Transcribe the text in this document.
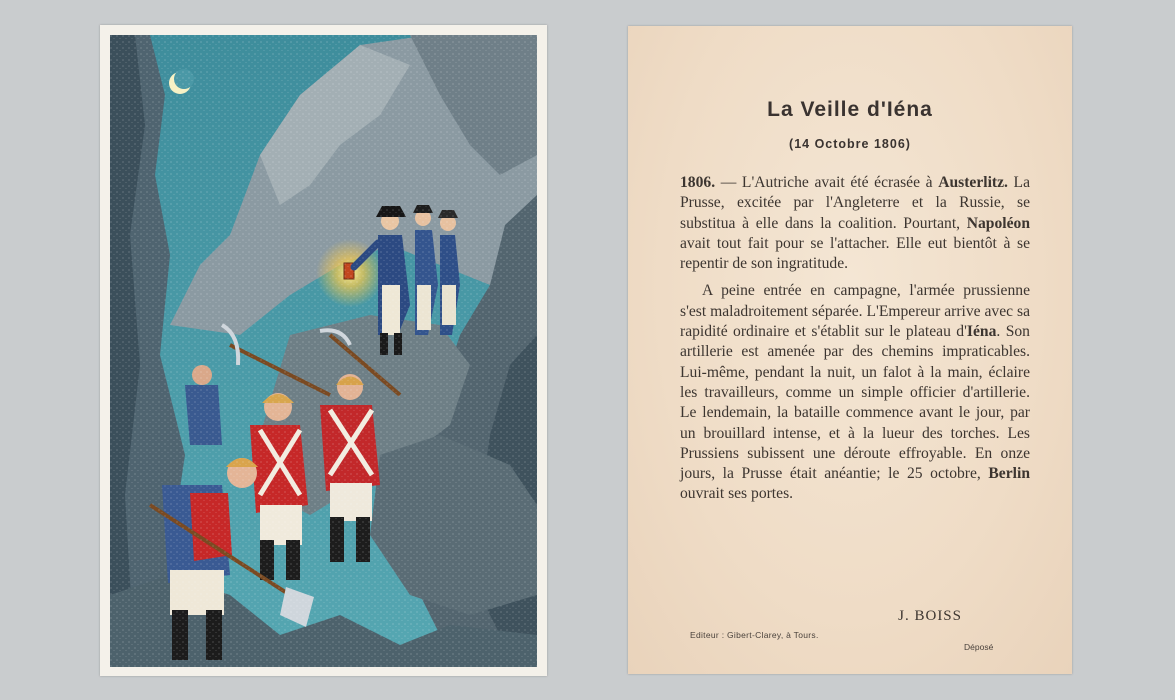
La Veille d'Iéna
(14 Octobre 1806)

1806. — L'Autriche avait été écrasée à Austerlitz. La Prusse, excitée par l'Angleterre et la Russie, se substitua à elle dans la coalition. Pourtant, Napoléon avait tout fait pour se l'attacher. Elle eut bientôt à se repentir de son ingratitude.

A peine entrée en campagne, l'armée prussienne s'est maladroitement séparée. L'Empereur arrive avec sa rapidité ordinaire et s'établit sur le plateau d'Iéna. Son artillerie est amenée par des chemins impraticables. Lui-même, pendant la nuit, un falot à la main, éclaire les travailleurs, comme un simple officier d'artillerie. Le lendemain, la bataille commence avant le jour, par un brouillard intense, et à la lueur des torches. Les Prussiens subissent une déroute effroyable. En onze jours, la Prusse était anéantie; le 25 octobre, Berlin ouvrait ses portes.

J. BOISS
Editeur : Gibert-Clarey, à Tours.
Déposé
